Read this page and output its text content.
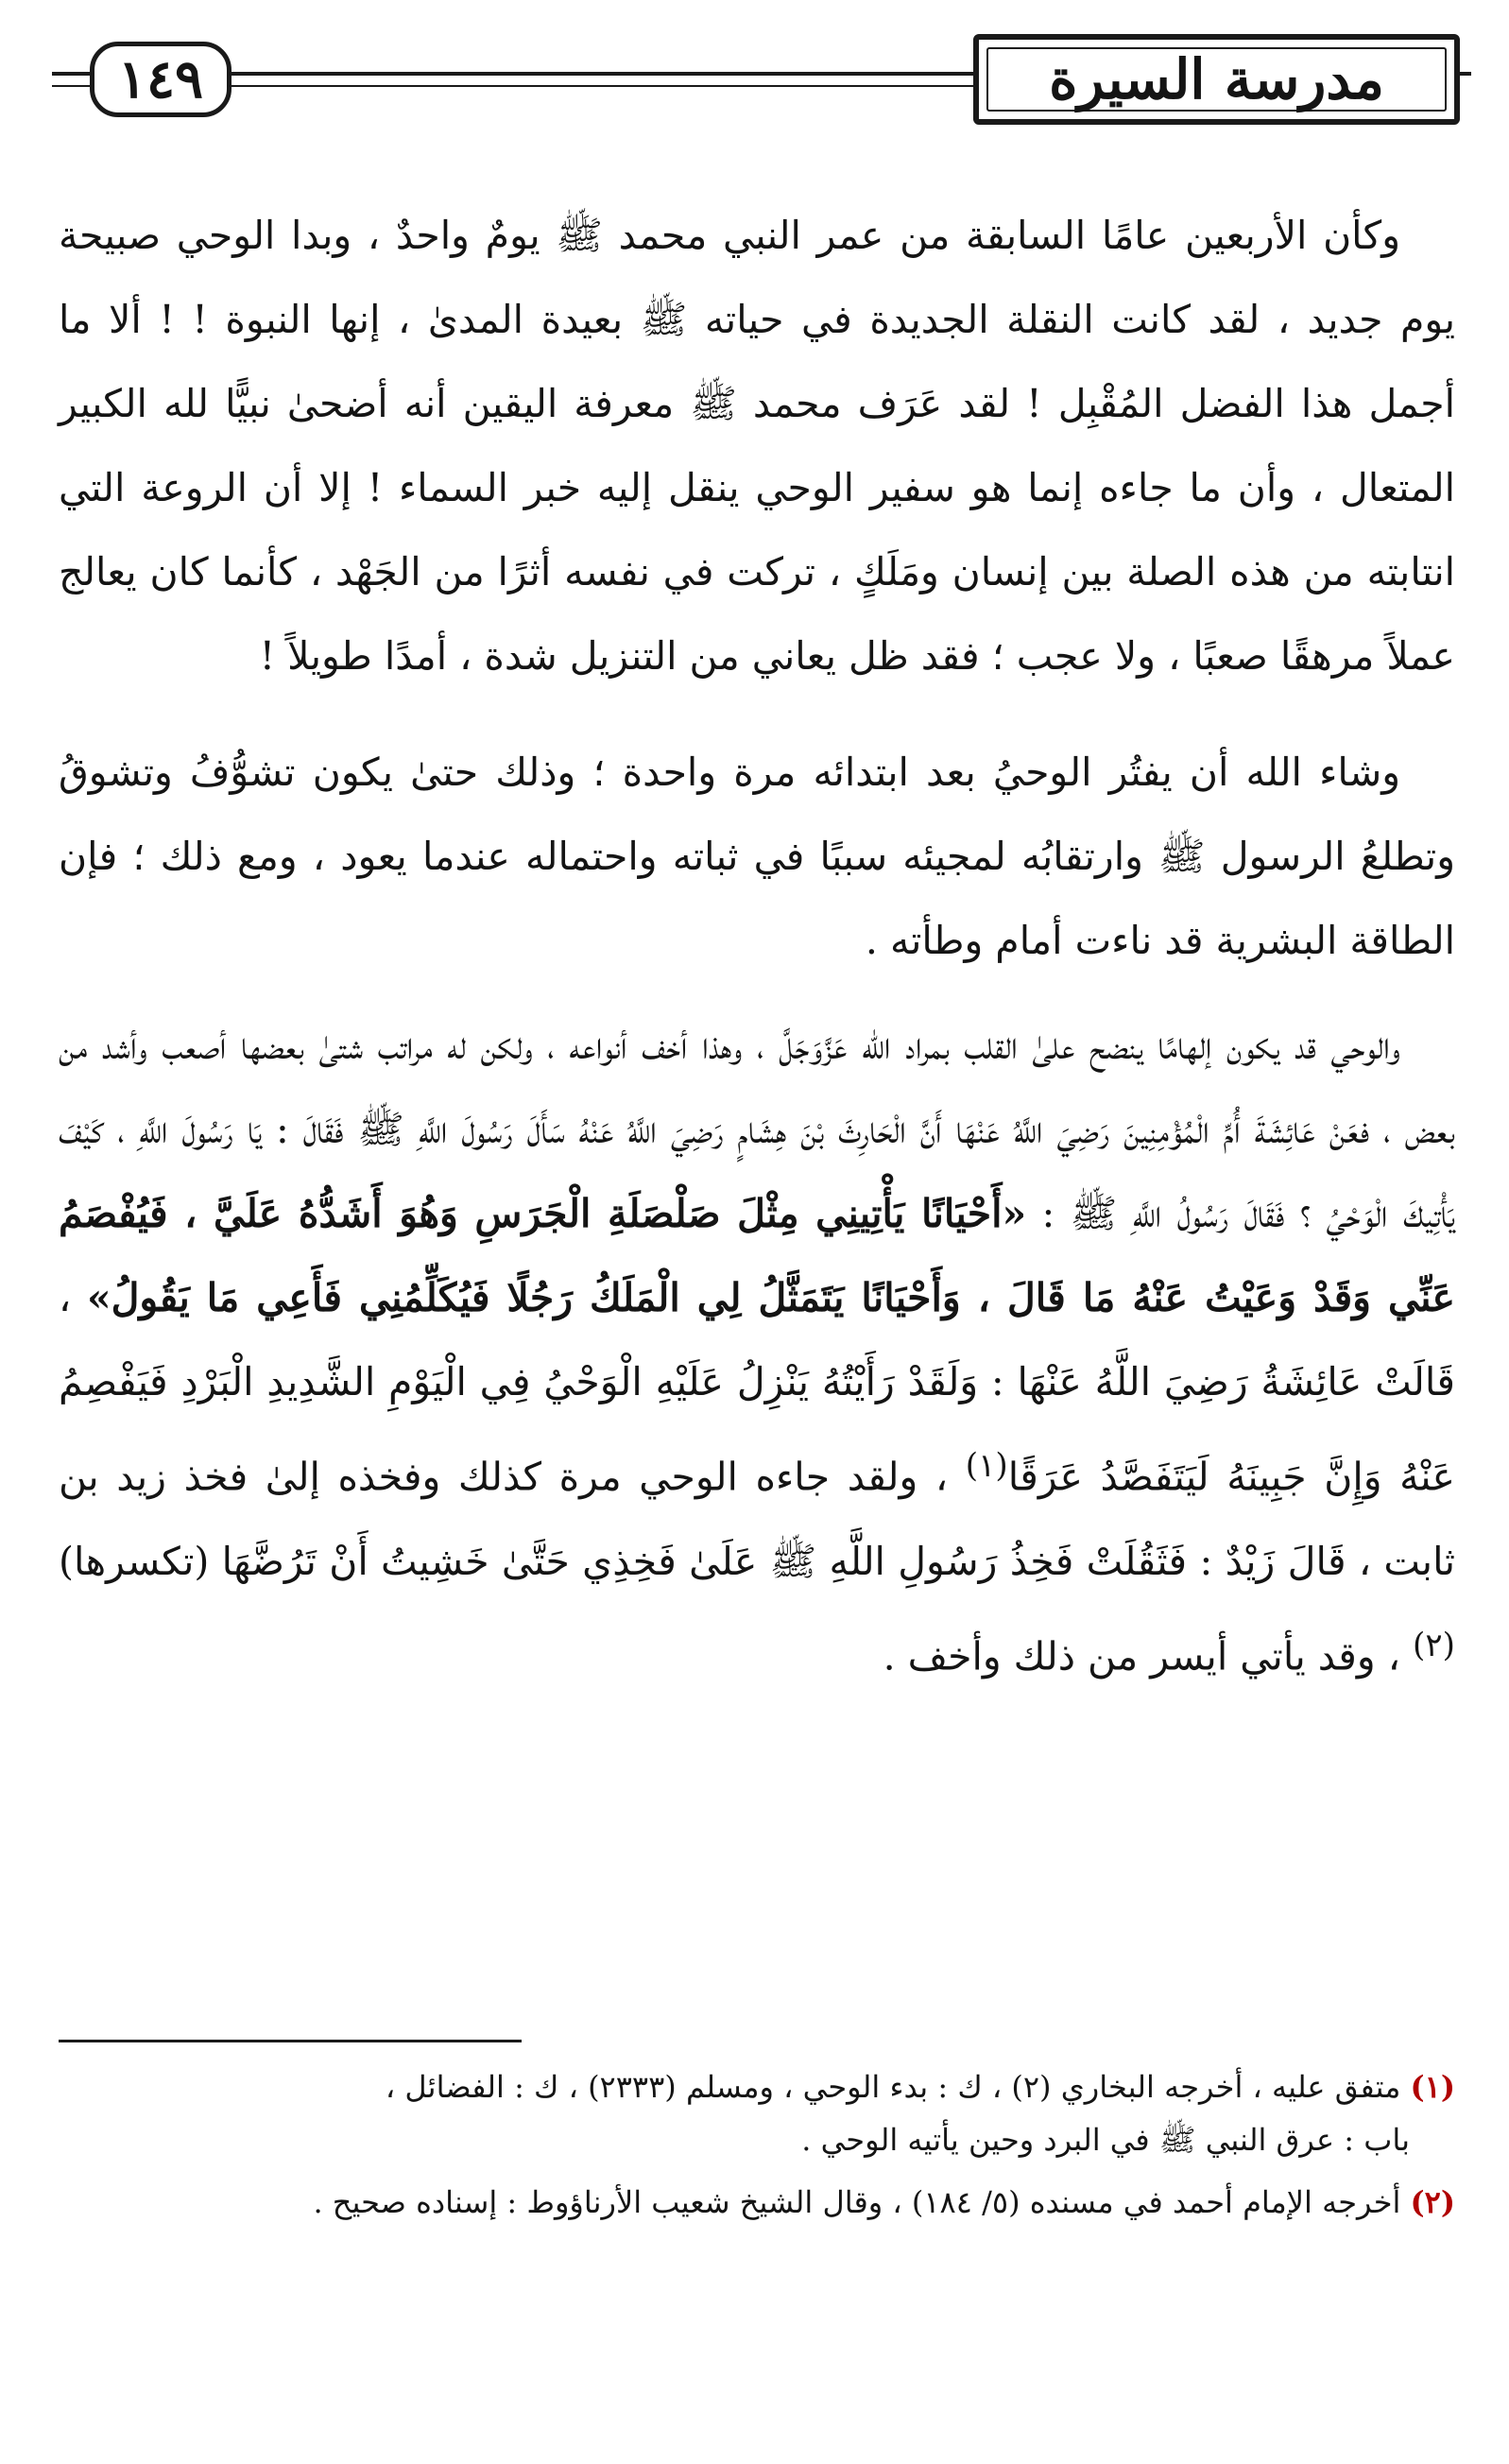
١٤٩	مدرسة السيرة

وكأن الأربعين عامًا السابقة من عمر النبي محمد ﷺ يومٌ واحدٌ ، وبدا الوحي صبيحة يوم جديد ، لقد كانت النقلة الجديدة في حياته ﷺ بعيدة المدىٰ ، إنها النبوة ! ! ألا ما أجمل هذا الفضل المُقْبِل ! لقد عَرَف محمد ﷺ معرفة اليقين أنه أضحىٰ نبيًّا لله الكبير المتعال ، وأن ما جاءه إنما هو سفير الوحي ينقل إليه خبر السماء ! إلا أن الروعة التي انتابته من هذه الصلة بين إنسان ومَلَكٍ ، تركت في نفسه أثرًا من الجَهْد ، كأنما كان يعالج عملاً مرهقًا صعبًا ، ولا عجب ؛ فقد ظل يعاني من التنزيل شدة ، أمدًا طويلاً !

وشاء الله أن يفتُر الوحيُ بعد ابتدائه مرة واحدة ؛ وذلك حتىٰ يكون تشوُّفُ وتشوقُ وتطلعُ الرسول ﷺ وارتقابُه لمجيئه سببًا في ثباته واحتماله عندما يعود ، ومع ذلك ؛ فإن الطاقة البشرية قد ناءت أمام وطأته .

والوحي قد يكون إلهامًا ينضح علىٰ القلب بمراد الله عَزَّوَجَلَّ ، وهذا أخف أنواعه ، ولكن له مراتب شتىٰ بعضها أصعب وأشد من بعض ، فعَنْ عَائِشَةَ أُمِّ الْمُؤْمِنِينَ رَضِيَ اللَّهُ عَنْهَا أَنَّ الْحَارِثَ بْنَ هِشَامٍ رَضِيَ اللَّهُ عَنْهُ سَأَلَ رَسُولَ اللَّهِ ﷺ فَقَالَ : يَا رَسُولَ اللَّهِ ، كَيْفَ يَأْتِيكَ الْوَحْيُ ؟ فَقَالَ رَسُولُ اللَّهِ ﷺ : «أَحْيَانًا يَأْتِينِي مِثْلَ صَلْصَلَةِ الْجَرَسِ وَهُوَ أَشَدُّهُ عَلَيَّ ، فَيُفْصَمُ عَنِّي وَقَدْ وَعَيْتُ عَنْهُ مَا قَالَ ، وَأَحْيَانًا يَتَمَثَّلُ لِي الْمَلَكُ رَجُلًا فَيُكَلِّمُنِي فَأَعِي مَا يَقُولُ» ، قَالَتْ عَائِشَةُ رَضِيَ اللَّهُ عَنْهَا : وَلَقَدْ رَأَيْتُهُ يَنْزِلُ عَلَيْهِ الْوَحْيُ فِي الْيَوْمِ الشَّدِيدِ الْبَرْدِ فَيَفْصِمُ عَنْهُ وَإِنَّ جَبِينَهُ لَيَتَفَصَّدُ عَرَقًا$^{(١)}$ ، ولقد جاءه الوحي مرة كذلك وفخذه إلىٰ فخذ زيد بن ثابت ، قَالَ زَيْدٌ : فَثَقُلَتْ فَخِذُ رَسُولِ اللَّهِ ﷺ عَلَىٰ فَخِذِي حَتَّىٰ خَشِيتُ أَنْ تَرُضَّهَا (تكسرها)$^{(٢)}$ ، وقد يأتي أيسر من ذلك وأخف .

(١) متفق عليه ، أخرجه البخاري (٢) ، ك : بدء الوحي ، ومسلم (٢٣٣٣) ، ك : الفضائل ،
باب : عرق النبي ﷺ في البرد وحين يأتيه الوحي .
(٢) أخرجه الإمام أحمد في مسنده (٥/ ١٨٤) ، وقال الشيخ شعيب الأرناؤوط : إسناده صحيح .
